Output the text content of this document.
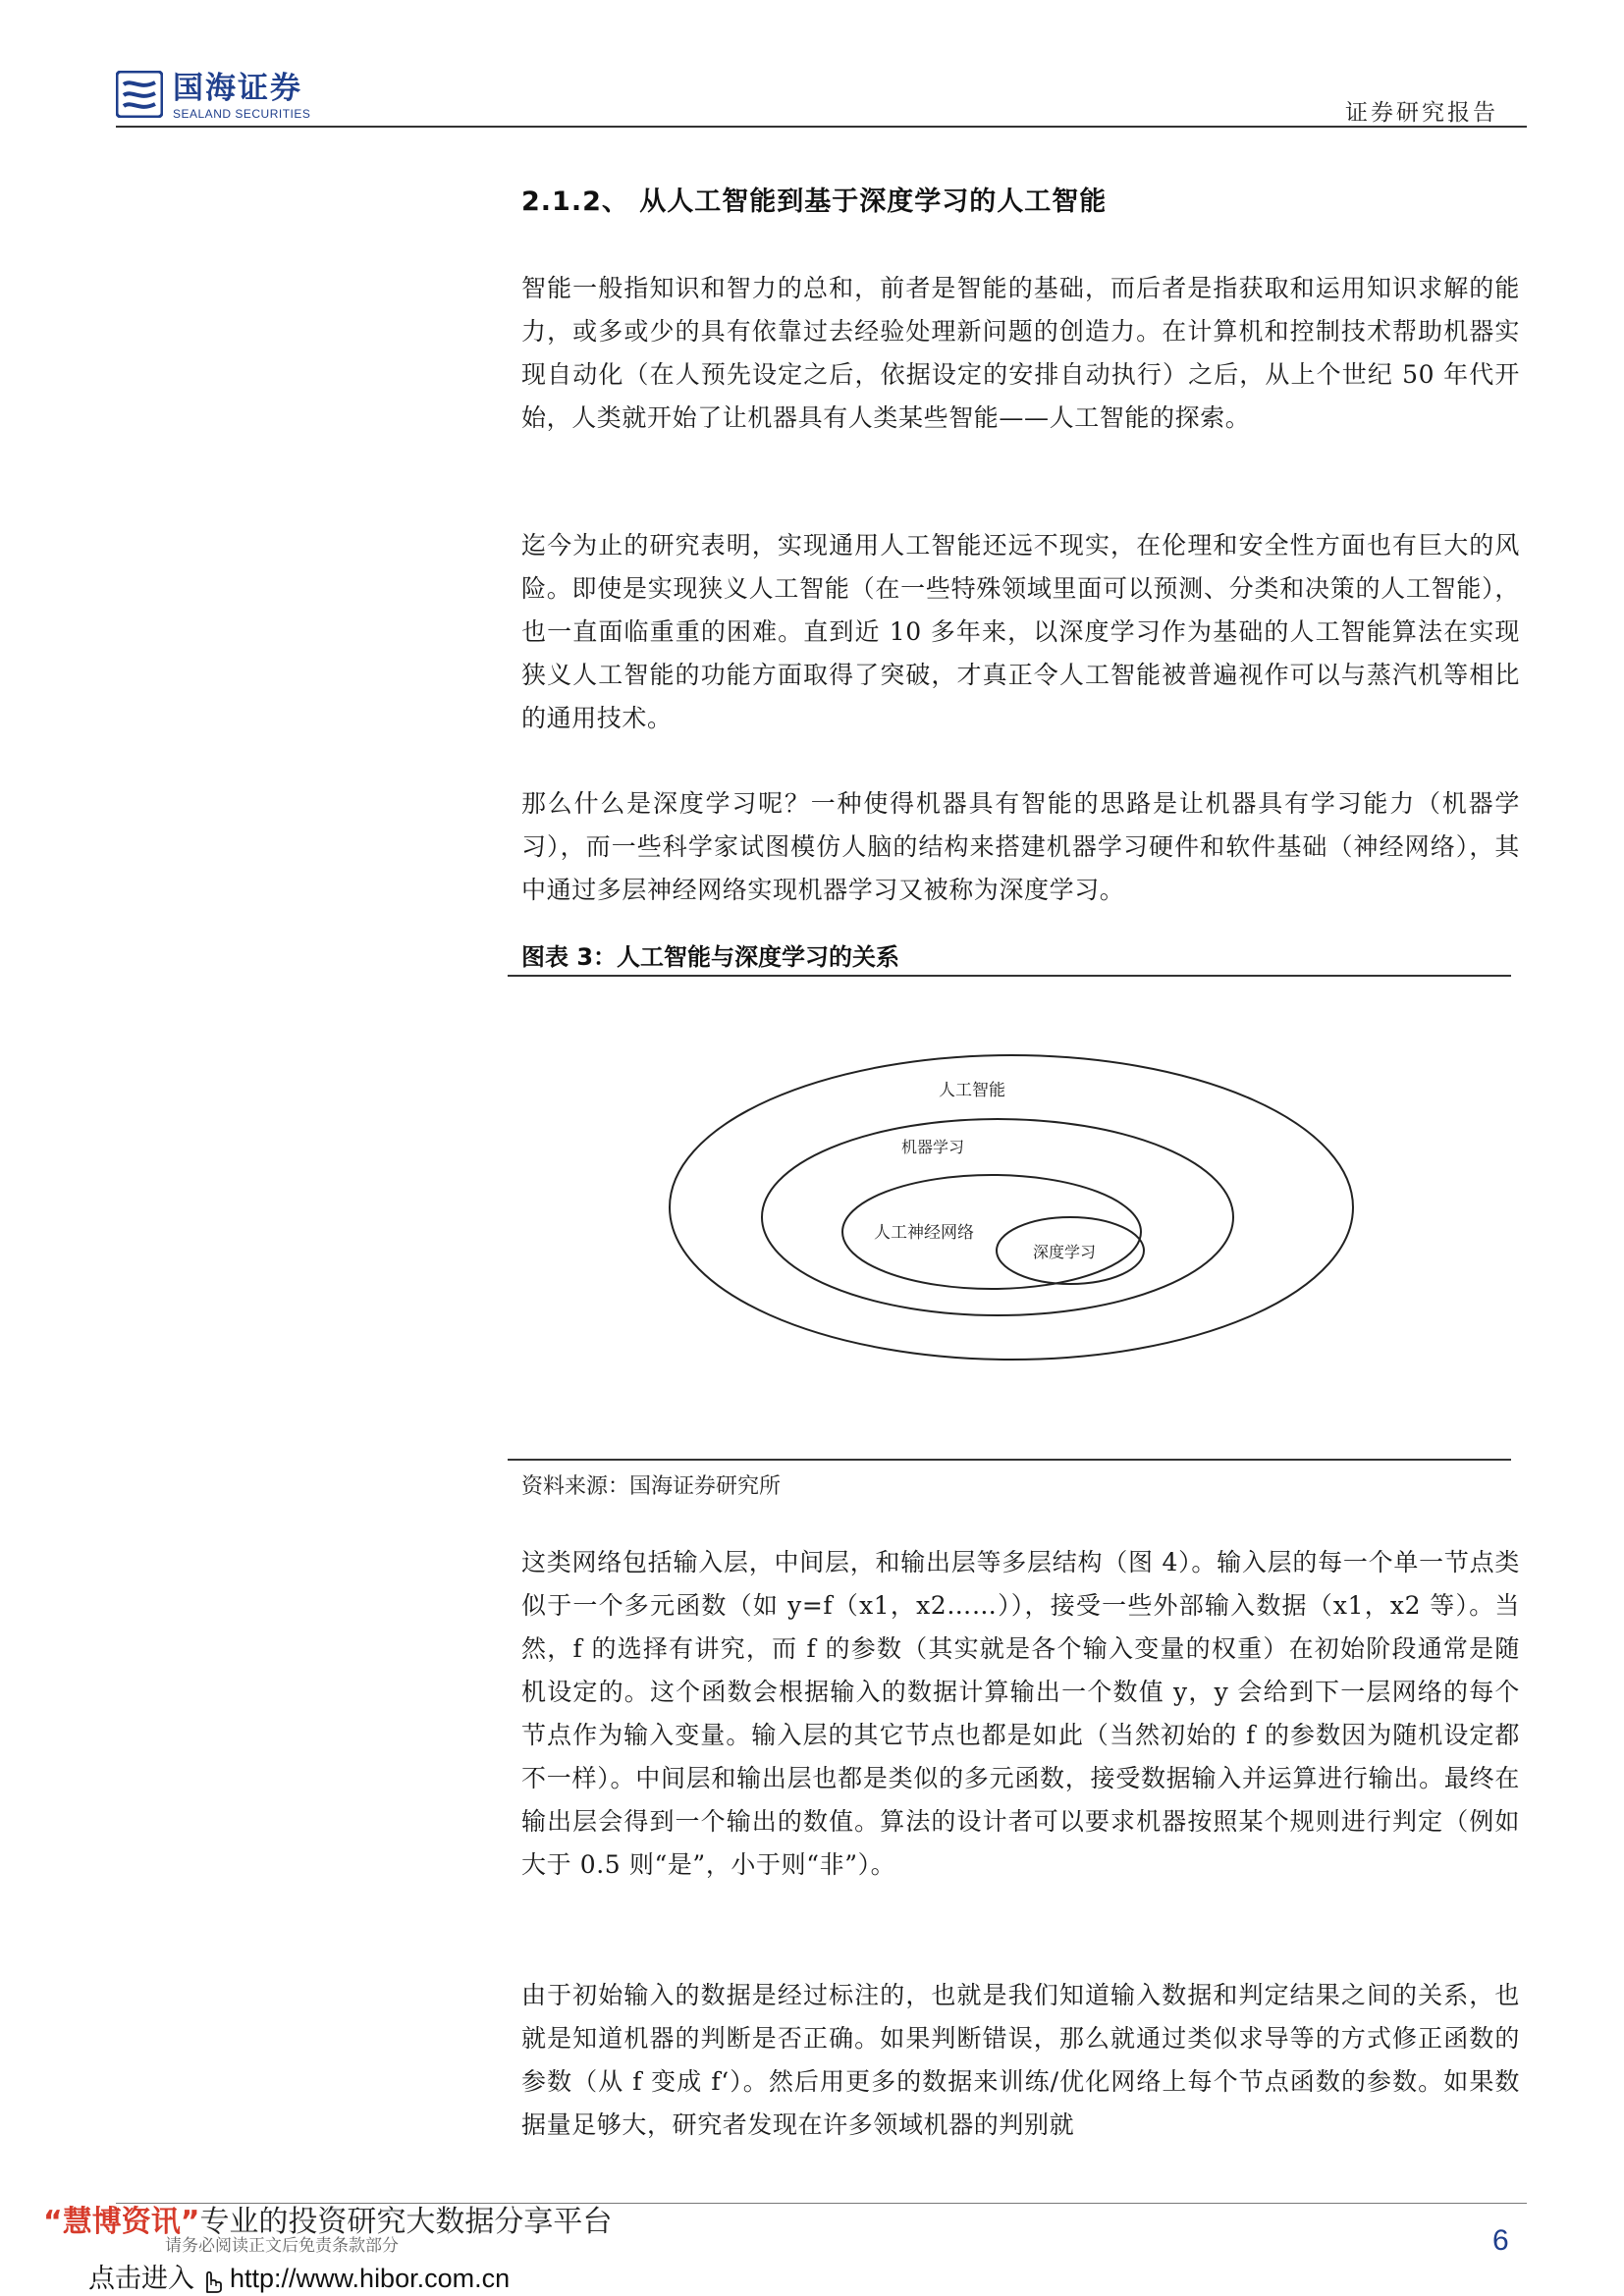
国海证券
SEALAND SECURITIES	证券研究报告
2.1.2、 从人工智能到基于深度学习的人工智能
智能一般指知识和智力的总和，前者是智能的基础，而后者是指获取和运用知识求解的能力，或多或少的具有依靠过去经验处理新问题的创造力。在计算机和控制技术帮助机器实现自动化（在人预先设定之后，依据设定的安排自动执行）之后，从上个世纪 50 年代开始，人类就开始了让机器具有人类某些智能——人工智能的探索。
迄今为止的研究表明，实现通用人工智能还远不现实，在伦理和安全性方面也有巨大的风险。即使是实现狭义人工智能（在一些特殊领域里面可以预测、分类和决策的人工智能），也一直面临重重的困难。直到近 10 多年来，以深度学习作为基础的人工智能算法在实现狭义人工智能的功能方面取得了突破，才真正令人工智能被普遍视作可以与蒸汽机等相比的通用技术。
那么什么是深度学习呢？一种使得机器具有智能的思路是让机器具有学习能力（机器学习），而一些科学家试图模仿人脑的结构来搭建机器学习硬件和软件基础（神经网络），其中通过多层神经网络实现机器学习又被称为深度学习。
图表 3：人工智能与深度学习的关系
人工智能
机器学习
人工神经网络
深度学习
资料来源：国海证券研究所
这类网络包括输入层，中间层，和输出层等多层结构（图 4）。输入层的每一个单一节点类似于一个多元函数（如 y=f（x1，x2……）），接受一些外部输入数据（x1，x2 等）。当然，f 的选择有讲究，而 f 的参数（其实就是各个输入变量的权重）在初始阶段通常是随机设定的。这个函数会根据输入的数据计算输出一个数值 y，y 会给到下一层网络的每个节点作为输入变量。输入层的其它节点也都是如此（当然初始的 f 的参数因为随机设定都不一样）。中间层和输出层也都是类似的多元函数，接受数据输入并运算进行输出。最终在输出层会得到一个输出的数值。算法的设计者可以要求机器按照某个规则进行判定（例如大于 0.5 则“是”，小于则“非”）。
由于初始输入的数据是经过标注的，也就是我们知道输入数据和判定结果之间的关系，也就是知道机器的判断是否正确。如果判断错误，那么就通过类似求导等的方式修正函数的参数（从 f 变成 f‘）。然后用更多的数据来训练/优化网络上每个节点函数的参数。如果数据量足够大，研究者发现在许多领域机器的判别就
请务必阅读正文后免责条款部分	6
“慧博资讯”专业的投资研究大数据分享平台
点击进入 http://www.hibor.com.cn
